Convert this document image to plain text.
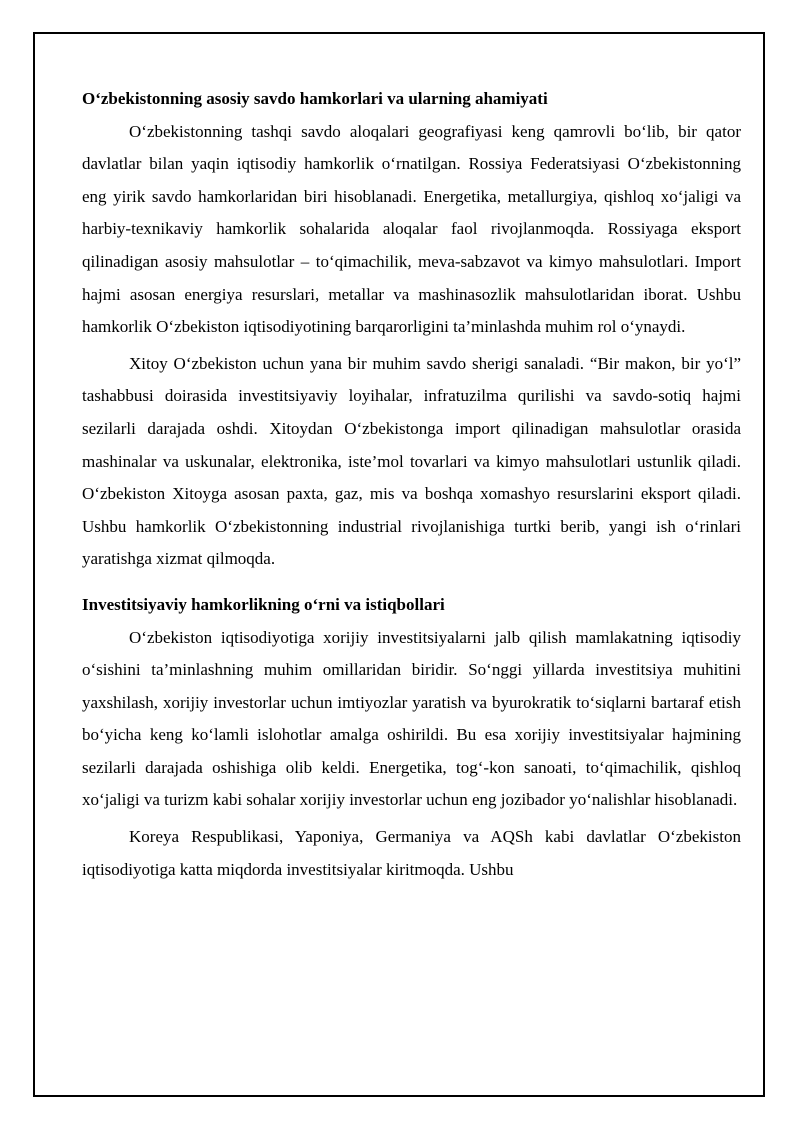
O‘zbekistonning asosiy savdo hamkorlari va ularning ahamiyati

O‘zbekistonning tashqi savdo aloqalari geografiyasi keng qamrovli bo‘lib, bir qator davlatlar bilan yaqin iqtisodiy hamkorlik o‘rnatilgan. Rossiya Federatsiyasi O‘zbekistonning eng yirik savdo hamkorlaridan biri hisoblanadi. Energetika, metallurgiya, qishloq xo‘jaligi va harbiy-texnikaviy hamkorlik sohalarida aloqalar faol rivojlanmoqda. Rossiyaga eksport qilinadigan asosiy mahsulotlar – to‘qimachilik, meva-sabzavot va kimyo mahsulotlari. Import hajmi asosan energiya resurslari, metallar va mashinasozlik mahsulotlaridan iborat. Ushbu hamkorlik O‘zbekiston iqtisodiyotining barqarorligini ta’minlashda muhim rol o‘ynaydi.

Xitoy O‘zbekiston uchun yana bir muhim savdo sherigi sanaladi. “Bir makon, bir yo‘l” tashabbusi doirasida investitsiyaviy loyihalar, infratuzilma qurilishi va savdo-sotiq hajmi sezilarli darajada oshdi. Xitoydan O‘zbekistonga import qilinadigan mahsulotlar orasida mashinalar va uskunalar, elektronika, iste’mol tovarlari va kimyo mahsulotlari ustunlik qiladi. O‘zbekiston Xitoyga asosan paxta, gaz, mis va boshqa xomashyo resurslarini eksport qiladi. Ushbu hamkorlik O‘zbekistonning industrial rivojlanishiga turtki berib, yangi ish o‘rinlari yaratishga xizmat qilmoqda.

Investitsiyaviy hamkorlikning o‘rni va istiqbollari

O‘zbekiston iqtisodiyotiga xorijiy investitsiyalarni jalb qilish mamlakatning iqtisodiy o‘sishini ta’minlashning muhim omillaridan biridir. So‘nggi yillarda investitsiya muhitini yaxshilash, xorijiy investorlar uchun imtiyozlar yaratish va byurokratik to‘siqlarni bartaraf etish bo‘yicha keng ko‘lamli islohotlar amalga oshirildi. Bu esa xorijiy investitsiyalar hajmining sezilarli darajada oshishiga olib keldi. Energetika, tog‘-kon sanoati, to‘qimachilik, qishloq xo‘jaligi va turizm kabi sohalar xorijiy investorlar uchun eng jozibador yo‘nalishlar hisoblanadi.

Koreya Respublikasi, Yaponiya, Germaniya va AQSh kabi davlatlar O‘zbekiston iqtisodiyotiga katta miqdorda investitsiyalar kiritmoqda. Ushbu
